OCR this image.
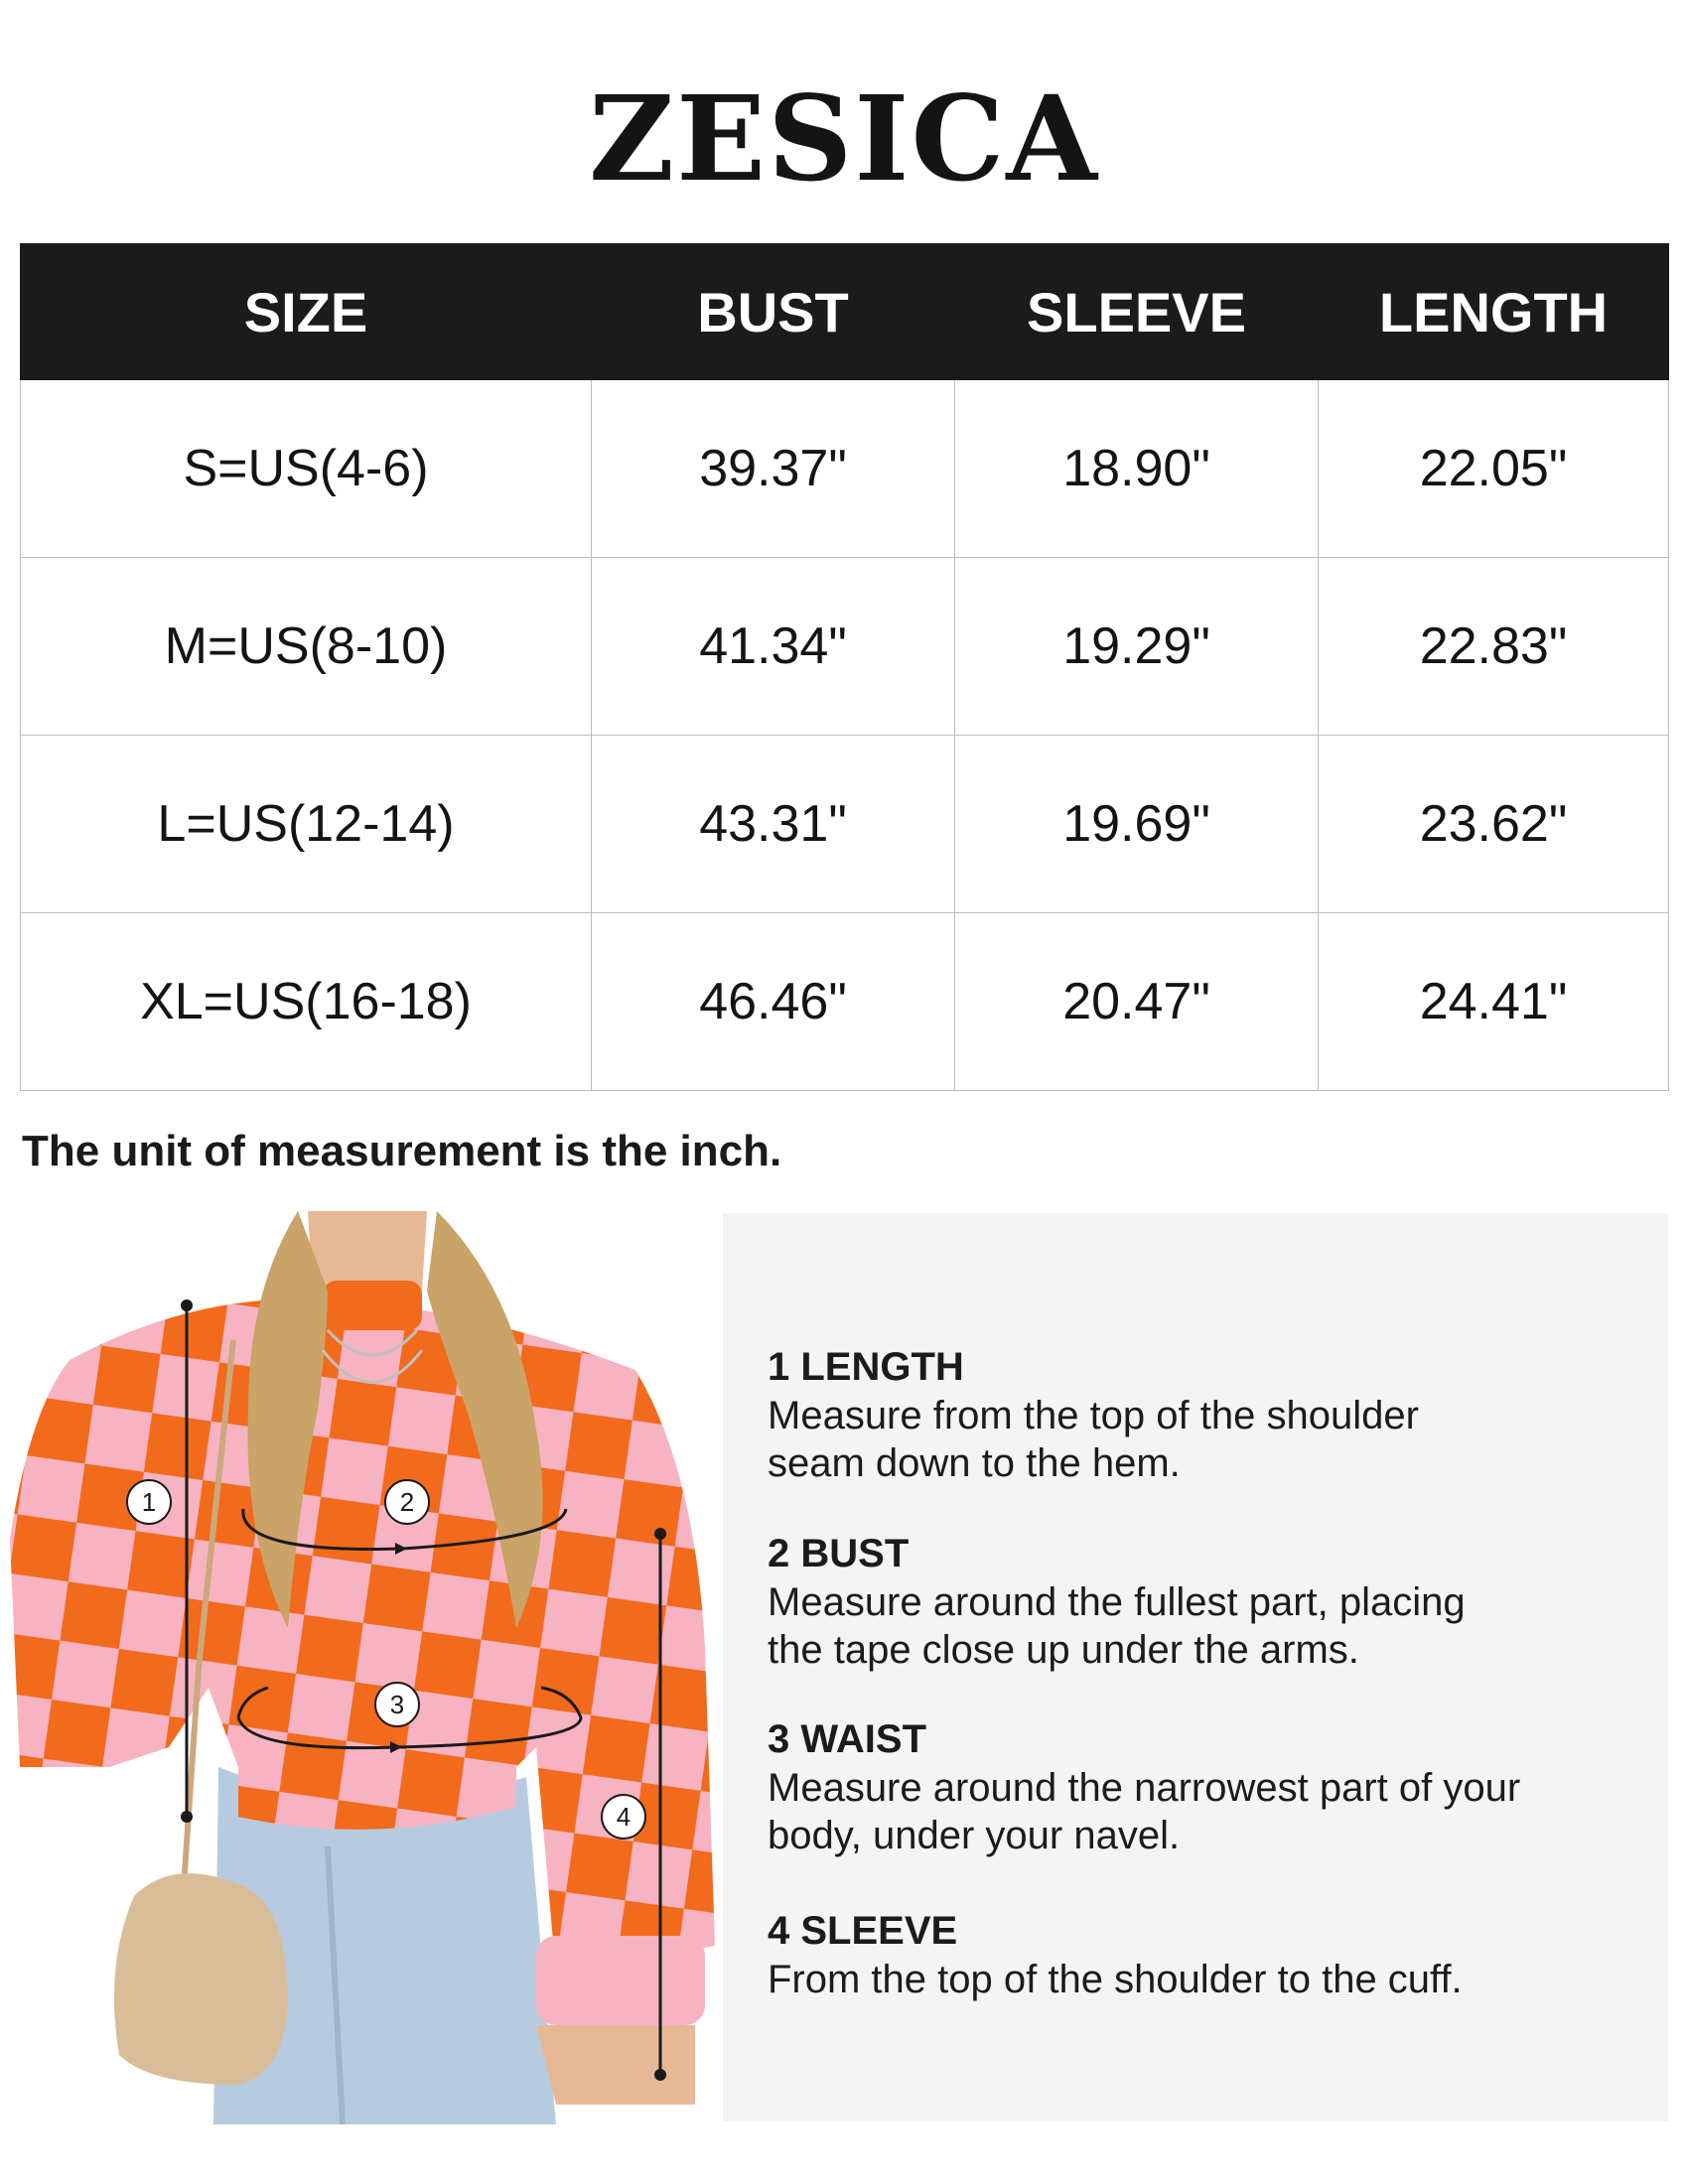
ZESICA
SIZE	BUST	SLEEVE	LENGTH
S=US(4-6)	39.37"	18.90"	22.05"
M=US(8-10)	41.34"	19.29"	22.83"
L=US(12-14)	43.31"	19.69"	23.62"
XL=US(16-18)	46.46"	20.47"	24.41"
The unit of measurement is the inch.
1	2
3
4
1 LENGTH
Measure from the top of the shoulder seam down to the hem.
2 BUST
Measure around the fullest part, placing the tape close up under the arms.
3 WAIST
Measure around the narrowest part of your body, under your navel.
4 SLEEVE
From the top of the shoulder to the cuff.
